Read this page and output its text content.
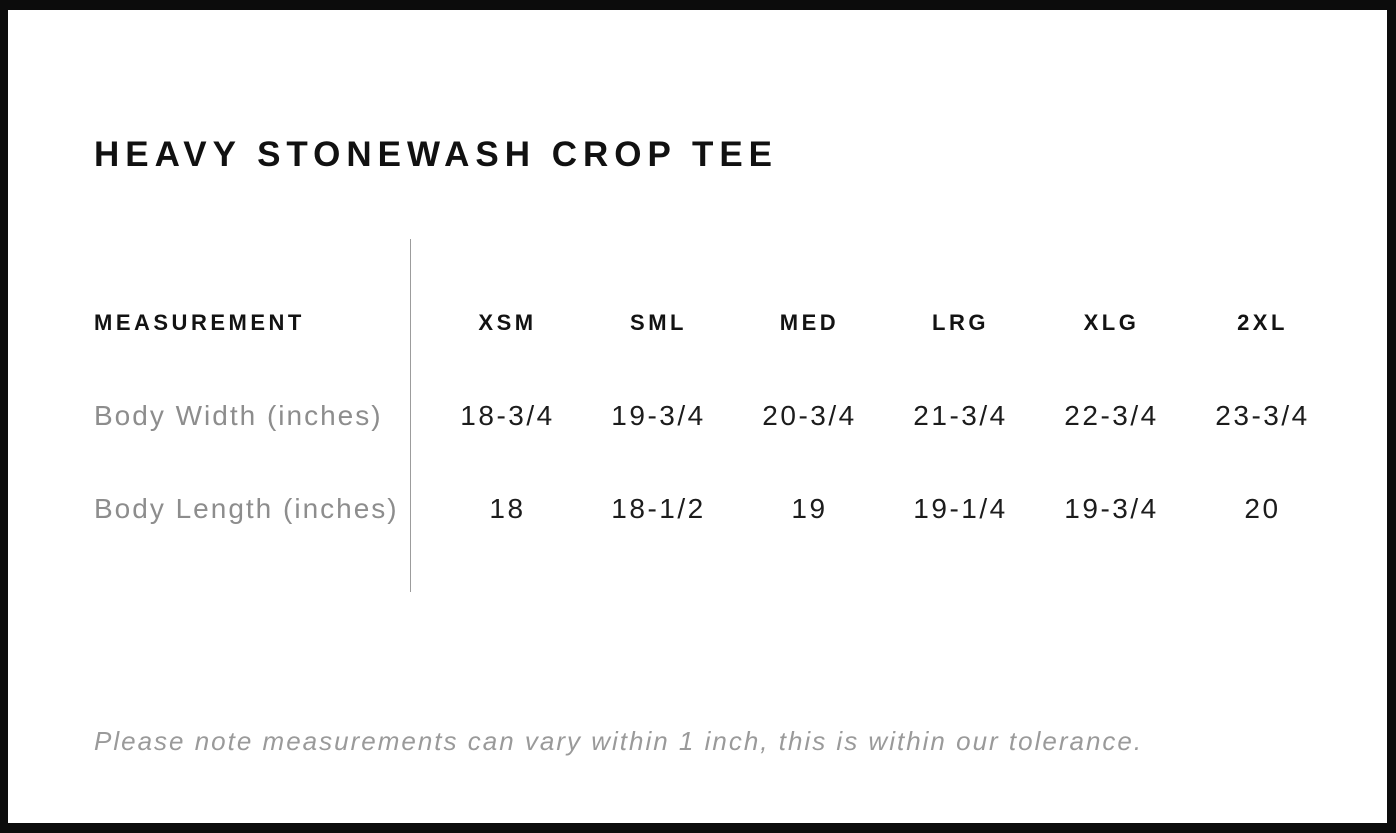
HEAVY STONEWASH CROP TEE
MEASUREMENT	XSM	SML	MED	LRG	XLG	2XL
Body Width (inches)	18-3/4	19-3/4	20-3/4	21-3/4	22-3/4	23-3/4
Body Length (inches)	18	18-1/2	19	19-1/4	19-3/4	20
Please note measurements can vary within 1 inch, this is within our tolerance.
